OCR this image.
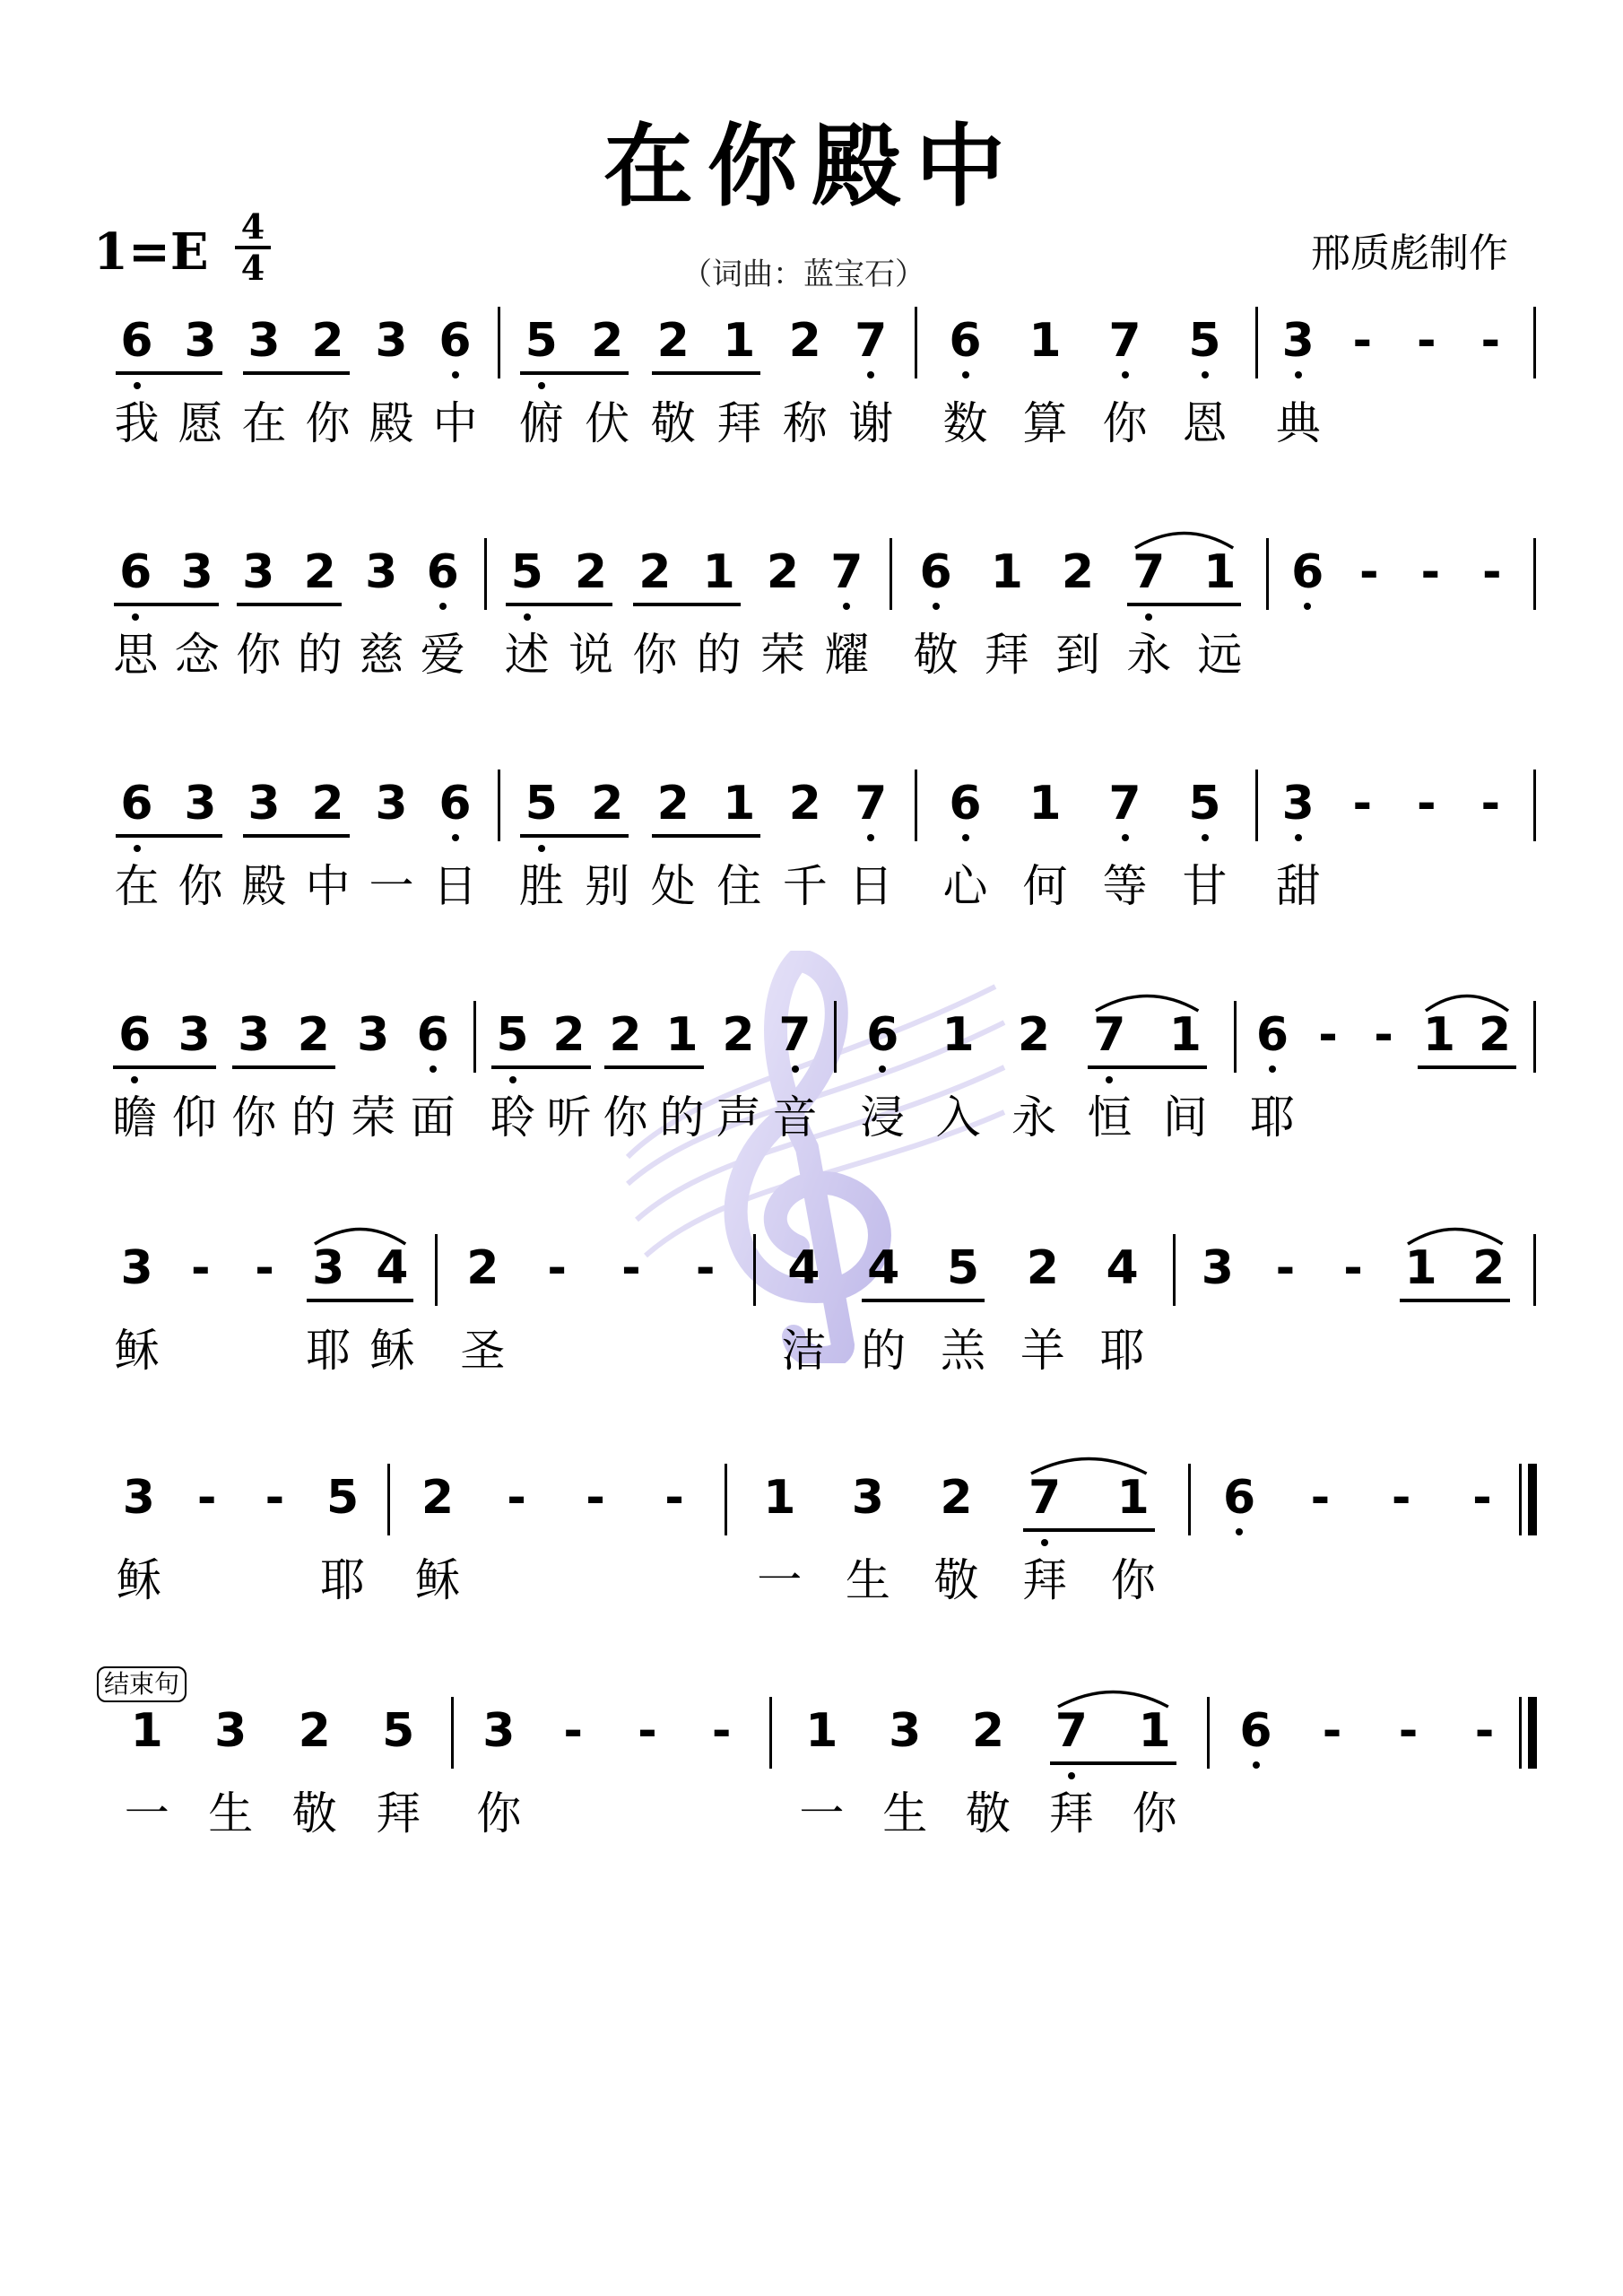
在你殿中
1=E 4
4	（词曲：蓝宝石）	邢质彪制作
结束句
6 3 3 2 3 6 5 2 2 1 2 7 6 1 7 5 3 - - -
我 愿 在 你 殿 中 俯 伏 敬 拜 称 谢 数 算 你 恩 典
6 3 3 2 3 6 5 2 2 1 2 7 6 1 2 7 1 6 - - -
思 念 你 的 慈 爱 述 说 你 的 荣 耀 敬 拜 到 永 远
6 3 3 2 3 6 5 2 2 1 2 7 6 1 7 5 3 - - -
在 你 殿 中 一 日 胜 别 处 住 千 日 心 何 等 甘 甜
6 3 3 2 3 6 5 2 2 1 2 7 6 1 2 7 1 6 - - 1 2
瞻 仰 你 的 荣 面 聆 听 你 的 声 音 浸 入 永 恒 间 耶
3 - - 3 4 2 - - - 4 4 5 2 4 3 - - 1 2
稣	耶 稣 圣	洁 的 羔 羊 耶
3 - - 5 2 - - - 1 3 2 7 1 6 - - -
稣	耶 稣	一 生 敬 拜 你
1 3 2 5 3 - - - 1 3 2 7 1 6 - - -
一 生 敬 拜 你	一 生 敬 拜 你
